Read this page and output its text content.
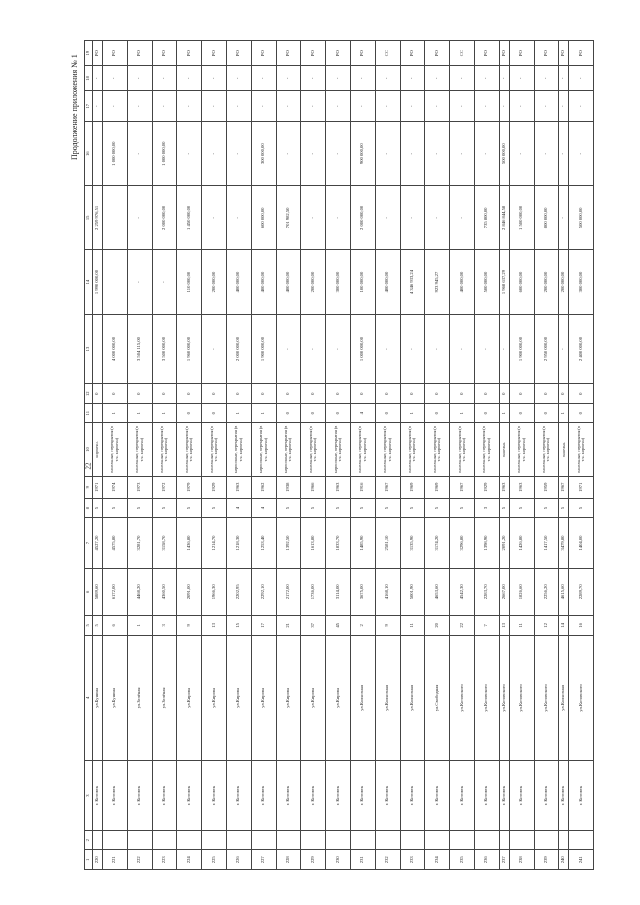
22
Продолжение приложения № 1
1	2	3	4	5	6	7	8	9	10	11	12	13	14	15	16	17	18	19
220		г. Котовск	ул.Бунина	5	5889,60	4527,20	5	1971	кирпичн.		0		1 990 000,00	2 259 976,51		-	-	РО
221		г. Котовск	ул.Бунина	6	6172,00	4575,80	5	1974	панельные, перекрытия (в т.ч. кирпичн)	1	0	4 000 000,00			1 000 000,00	-	-	РО
222		г. Котовск	ул.Зелёная	1	4468,20	3281,70	5	1973	панельные, перекрытия (в т.ч. кирпичн)	1	0	3 504 115,00	-	-	-	-	-	РО
223		г. Котовск	ул.Зелёная	3	4360,50	3158,70	5	1972	панельные, перекрытия (в т.ч. кирпичн)	1	0	3 500 000,00	-	2 000 000,00	1 000 000,00	-	-	РО
224		г. Котовск	ул.Кирова	9	2091,00	1436,80	5	1979	панельные, перекрытия (в т.ч. кирпичн)	0	0	1 960 000,00	110 000,00	1 450 000,00	-	-	-	РО
225		г. Котовск	ул.Кирова	13	1966,30	1214,70	5	1929	панельные, перекрытия (в т.ч. кирпичн)	0	0	-	200 000,00	-	-	-	-	РО
226		г. Котовск	ул.Кирова	15	2202,95	1218,30	4	1963	кирпичные, перекрытия (в т.ч. кирпичн)	1	0	2 000 000,00	400 000,00	-	-	-	-	РО
227		г. Котовск	ул.Кирова	17	2292,10	1253,40	4	1962	кирпичные, перекрытия (в т.ч. кирпичн)	1	0	1 900 000,00	400 000,00	600 000,00	300 000,00	-	-	РО
228		г. Котовск	ул.Кирова	21	2172,00	1392,50	5	1938	кирпичные, перекрытия (в т.ч. кирпичн)	0	0	-	400 000,00	701 982,50	-	-	-	РО
229		г. Котовск	ул.Кирова	37	1736,00	1613,80	5	1966	панельные, перекрытия (в т.ч. кирпичн)	0	0	-	200 000,00	-	-	-	-	РО
230		г. Котовск	ул.Кирова	45	3114,00	1833,70	5	1963	кирпичные, перекрытия (в т.ч. кирпичн)	0	0	-	300 000,00	-	-	-	-	РО
231		г. Котовск	ул.Колхозная	2	3675,00	1485,90	5	1916	панельные, перекрытия (в т.ч. кирпичн)	4	0	1 000 000,00	100 000,00	2 000 000,00	900 000,00	-	-	РО
232		г. Котовск	ул.Колхозная	9	4168,10	2581,10	5	1967	панельные, перекрытия (в т.ч. кирпичн)	0	0	-	400 000,00	-	-	-	-	СС
233		г. Котовск	ул.Колхозная	11	5001,90	3135,90	5	1969	панельные, перекрытия (в т.ч. кирпичн)	1	0	-	4 346 933,24	-	-	-	-	РО
234		г. Котовск	ул.Свободная	20	4653,60	3174,20	5	1969	панельные, перекрытия (в т.ч. кирпичн)	0	0	-	923 945,27	-	-	-	-	РО
235		г. Котовск	ул.Котовского	22	4542,30	3296,80	5	1967	панельные, перекрытия (в т.ч. кирпичн)	1	0	-	400 000,00	-	-	-	-	СС
236		г. Котовск	ул.Котовского	7	2283,70	1398,90	3	1929	панельные, перекрытия (в т.ч. кирпичн)	0	0	-	500 000,00	735 800,00	-	-	-	РО
237		г. Котовск	ул.Котовского	13	2667,00	2091,20	5	1963	панельн.	1	0	-	1 968 637,29	2 846 844,58	500 000,00	-	-	РО
238		г. Котовск	ул.Котовского	11	1826,60	1426,80	5	1963	панельные, перекрытия (в т.ч. кирпичн)	0	0	1 900 000,00	600 000,00	1 500 000,00	-	-	-	РО
239		г. Котовск	ул.Котовского	12	2256,20	1417,50	5	1959	панельные, перекрытия (в т.ч. кирпичн)	0	0	2 950 000,00	200 000,00	800 000,00	-	-	-	РО
240		г. Котовск	ул.Колхозная	14	4615,60	3479,80	5	1967	панельн.	1	0	-	200 000,00	-	-	-	-	РО
241		г. Котовск	ул.Котовского	16	2289,70	1404,00	5	1971	панельные, перекрытия (в т.ч. кирпичн)	0	0	2 400 000,00	300 000,00	500 000,00	-	-	-	РО
